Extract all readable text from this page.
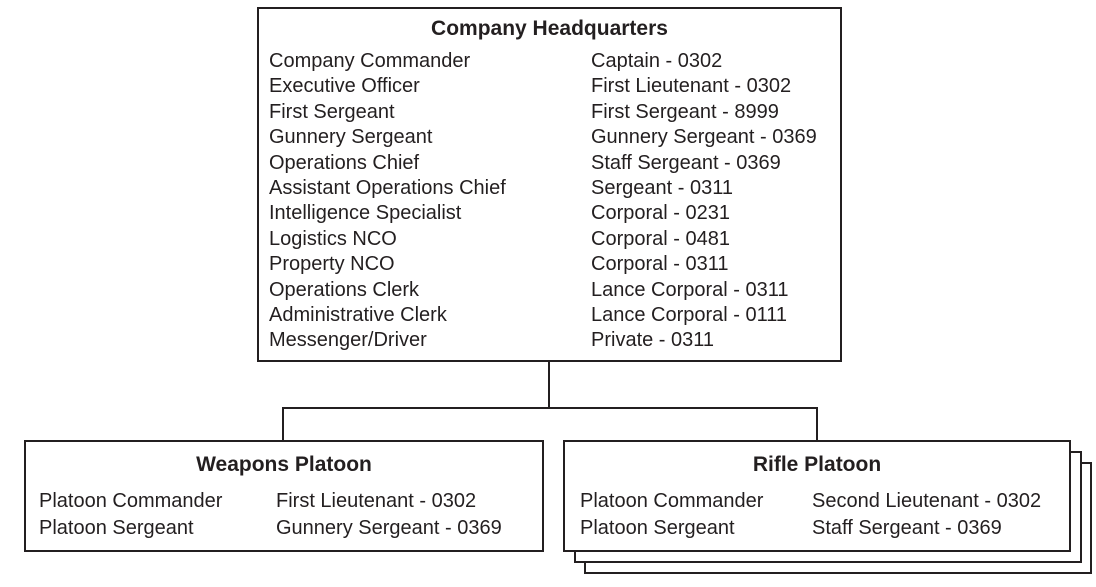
Company Headquarters
Company Commander
Executive Officer
First Sergeant
Gunnery Sergeant
Operations Chief
Assistant Operations Chief
Intelligence Specialist
Logistics NCO
Property NCO
Operations Clerk
Administrative Clerk
Messenger/Driver
Captain - 0302
First Lieutenant - 0302
First Sergeant - 8999
Gunnery Sergeant - 0369
Staff Sergeant - 0369
Sergeant - 0311
Corporal - 0231
Corporal - 0481
Corporal - 0311
Lance Corporal - 0311
Lance Corporal - 0111
Private - 0311
Weapons Platoon
Platoon Commander
Platoon Sergeant
First Lieutenant - 0302
Gunnery Sergeant - 0369
Rifle Platoon
Platoon Commander
Platoon Sergeant
Second Lieutenant - 0302
Staff Sergeant - 0369
